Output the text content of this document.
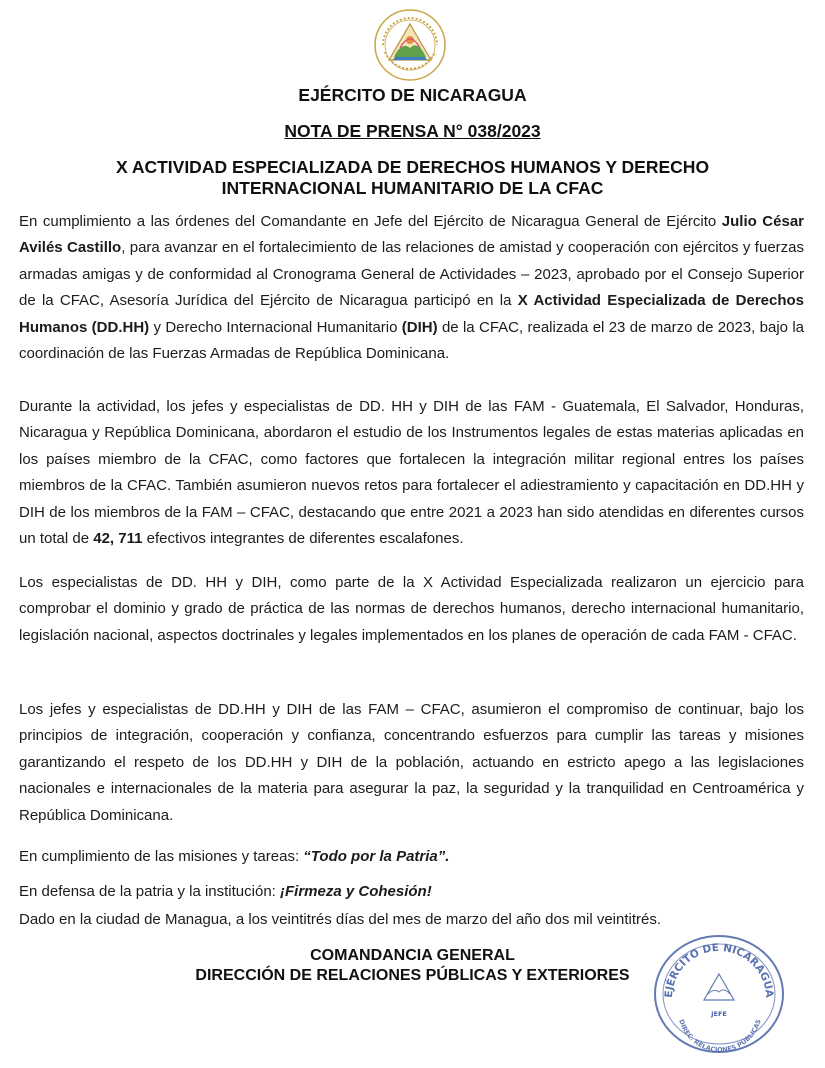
EJÉRCITO DE NICARAGUA
NOTA DE PRENSA N° 038/2023
X ACTIVIDAD ESPECIALIZADA DE DERECHOS HUMANOS Y DERECHO
INTERNACIONAL HUMANITARIO DE LA CFAC
En cumplimiento a las órdenes del Comandante en Jefe del Ejército de Nicaragua General de Ejército Julio César Avilés Castillo, para avanzar en el fortalecimiento de las relaciones de amistad y cooperación con ejércitos y fuerzas armadas amigas y de conformidad al Cronograma General de Actividades – 2023, aprobado por el Consejo Superior de la CFAC, Asesoría Jurídica del Ejército de Nicaragua participó en la X Actividad Especializada de Derechos Humanos (DD.HH) y Derecho Internacional Humanitario (DIH) de la CFAC, realizada el 23 de marzo de 2023, bajo la coordinación de las Fuerzas Armadas de República Dominicana.
Durante la actividad, los jefes y especialistas de DD. HH y DIH de las FAM - Guatemala, El Salvador, Honduras, Nicaragua y República Dominicana, abordaron el estudio de los Instrumentos legales de estas materias aplicadas en los países miembro de la CFAC, como factores que fortalecen la integración militar regional entres los países miembros de la CFAC. También asumieron nuevos retos para fortalecer el adiestramiento y capacitación en DD.HH y DIH de los miembros de la FAM – CFAC, destacando que entre 2021 a 2023 han sido atendidas en diferentes cursos un total de 42, 711 efectivos integrantes de diferentes escalafones.
Los especialistas de DD. HH y DIH, como parte de la X Actividad Especializada realizaron un ejercicio para comprobar el dominio y grado de práctica de las normas de derechos humanos, derecho internacional humanitario, legislación nacional, aspectos doctrinales y legales implementados en los planes de operación de cada FAM - CFAC.
Los jefes y especialistas de DD.HH y DIH de las FAM – CFAC, asumieron el compromiso de continuar, bajo los principios de integración, cooperación y confianza, concentrando esfuerzos para cumplir las tareas y misiones garantizando el respeto de los DD.HH y DIH de la población, actuando en estricto apego a las legislaciones nacionales e internacionales de la materia para asegurar la paz, la seguridad y la tranquilidad en Centroamérica y República Dominicana.
En cumplimiento de las misiones y tareas: “Todo por la Patria”.
En defensa de la patria y la institución: ¡Firmeza y Cohesión!
Dado en la ciudad de Managua, a los veintitrés días del mes de marzo del año dos mil veintitrés.
COMANDANCIA GENERAL
DIRECCIÓN DE RELACIONES PÚBLICAS Y EXTERIORES
EJÉRCITO DE NICARAGUA
JEFE
DIREC. RELACIONES PUBLICAS
